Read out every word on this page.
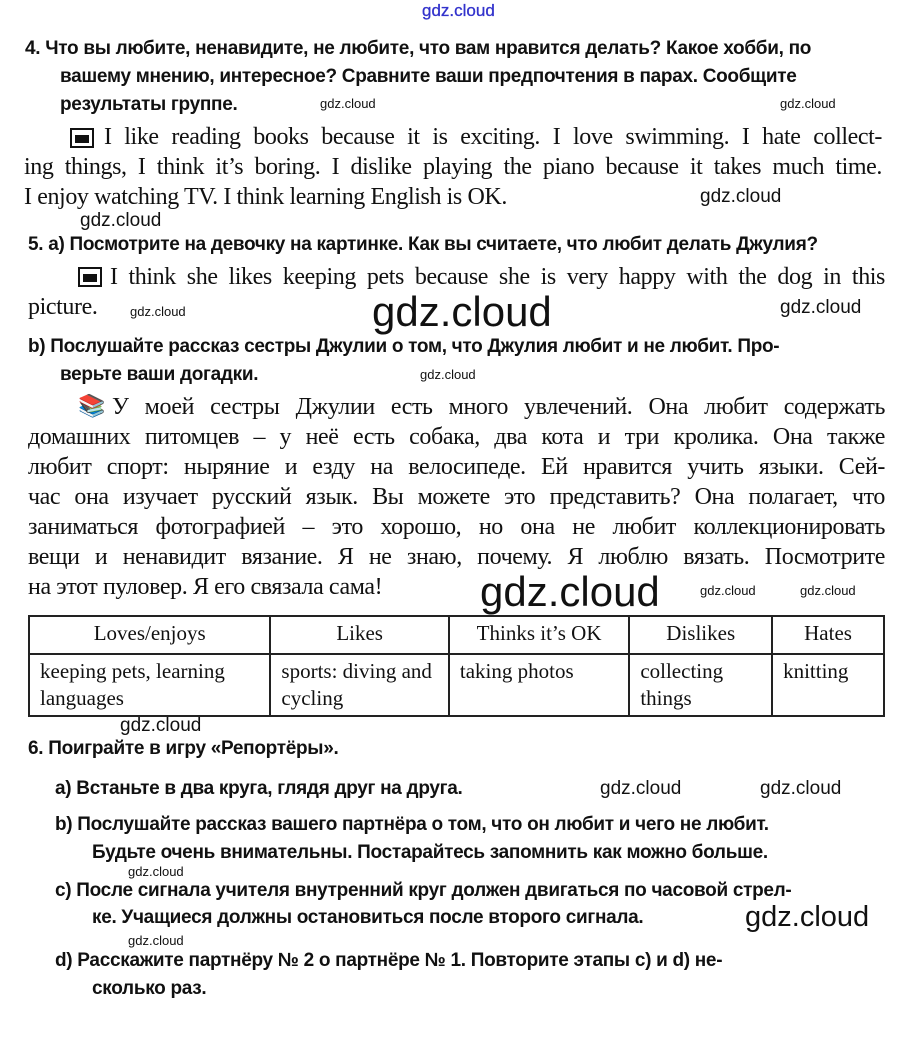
gdz.cloud
gdz.cloud
gdz.cloud
gdz.cloud
gdz.cloud
gdz.cloud	gdz.cloud
gdz.cloud
gdz.cloud
gdz.cloud	gdz.cloud
gdz.cloud
gdz.cloud
gdz.cloud	gdz.cloud
gdz.cloud
gdz.cloud
gdz.cloud
4. Что вы любите, ненавидите, не любите, что вам нравится делать? Какое хобби, по
вашему мнению, интересное? Сравните ваши предпочтения в парах. Сообщите
результаты группе.
I like reading books because it is exciting. I love swimming. I hate collect-
ing things, I think it’s boring. I dislike playing the piano because it takes much time.
I enjoy watching TV. I think learning English is OK.
5. a) Посмотрите на девочку на картинке. Как вы считаете, что любит делать Джулия?
I think she likes keeping pets because she is very happy with the dog in this
picture.
b) Послушайте рассказ сестры Джулии о том, что Джулия любит и не любит. Про-
верьте ваши догадки.
📚 У моей сестры Джулии есть много увлечений. Она любит содержать
домашних питомцев – у неё есть собака, два кота и три кролика. Она также
любит спорт: ныряние и езду на велосипеде. Ей нравится учить языки. Сей-
час она изучает русский язык. Вы можете это представить? Она полагает, что
заниматься фотографией – это хорошо, но она не любит коллекционировать
вещи и ненавидит вязание. Я не знаю, почему. Я люблю вязать. Посмотрите
на этот пуловер. Я его связала сама!
Loves/enjoys	Likes	Thinks it’s OK	Dislikes	Hates
keeping pets, learning languages	sports: diving and cycling	taking photos	collecting things	knitting
6. Поиграйте в игру «Репортёры».
a) Встаньте в два круга, глядя друг на друга.
b) Послушайте рассказ вашего партнёра о том, что он любит и чего не любит.
Будьте очень внимательны. Постарайтесь запомнить как можно больше.
c) После сигнала учителя внутренний круг должен двигаться по часовой стрел-
ке. Учащиеся должны остановиться после второго сигнала.
d) Расскажите партнёру № 2 о партнёре № 1. Повторите этапы c) и d) не-
сколько раз.
